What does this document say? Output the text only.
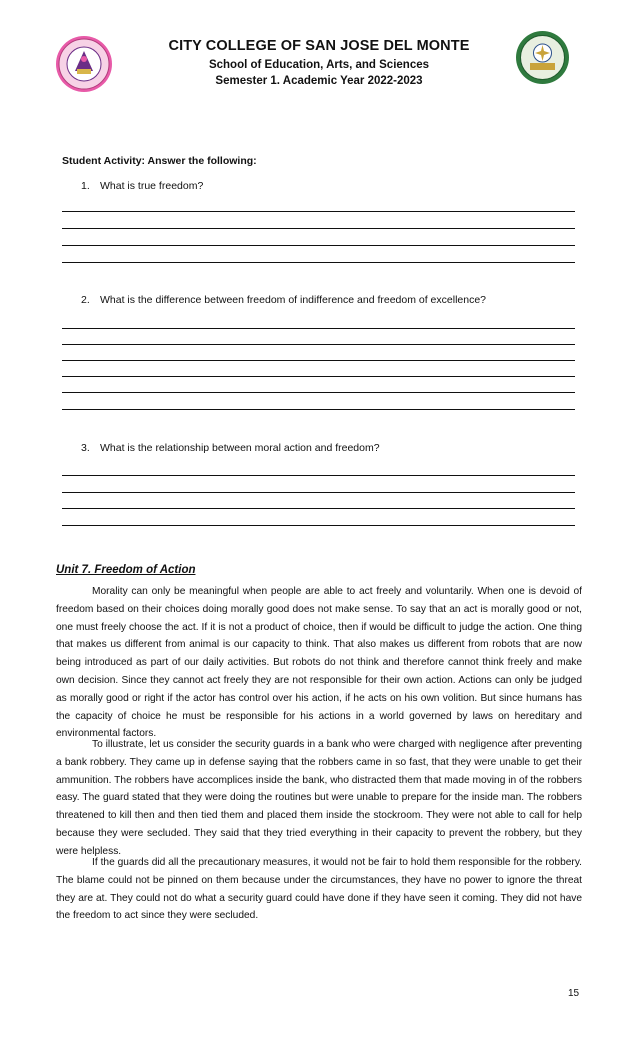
CITY COLLEGE OF SAN JOSE DEL MONTE
School of Education, Arts, and Sciences
Semester 1. Academic Year 2022-2023
Student Activity: Answer the following:
1. What is true freedom?
2. What is the difference between freedom of indifference and freedom of excellence?
3. What is the relationship between moral action and freedom?
Unit 7. Freedom of Action

Morality can only be meaningful when people are able to act freely and voluntarily. When one is devoid of freedom based on their choices doing morally good does not make sense. To say that an act is morally good or not, one must freely choose the act. If it is not a product of choice, then if would be difficult to judge the action. One thing that makes us different from animal is our capacity to think. That also makes us different from robots that are now being introduced as part of our daily activities. But robots do not think and therefore cannot think freely and make own decision. Since they cannot act freely they are not responsible for their own action. Actions can only be judged as morally good or right if the actor has control over his action, if he acts on his own volition. But since humans has the capacity of choice he must be responsible for his actions in a world governed by laws on hereditary and environmental factors.

To illustrate, let us consider the security guards in a bank who were charged with negligence after preventing a bank robbery. They came up in defense saying that the robbers came in so fast, that they were unable to get their ammunition. The robbers have accomplices inside the bank, who distracted them that made moving in of the robbers easy. The guard stated that they were doing the routines but were unable to prepare for the inside man. The robbers threatened to kill then and then tied them and placed them inside the stockroom. They were not able to call for help because they were secluded. They said that they tried everything in their capacity to prevent the robbery, but they were helpless.

If the guards did all the precautionary measures, it would not be fair to hold them responsible for the robbery. The blame could not be pinned on them because under the circumstances, they have no power to ignore the threat they are at. They could not do what a security guard could have done if they have seen it coming. They did not have the freedom to act since they were secluded.

15
